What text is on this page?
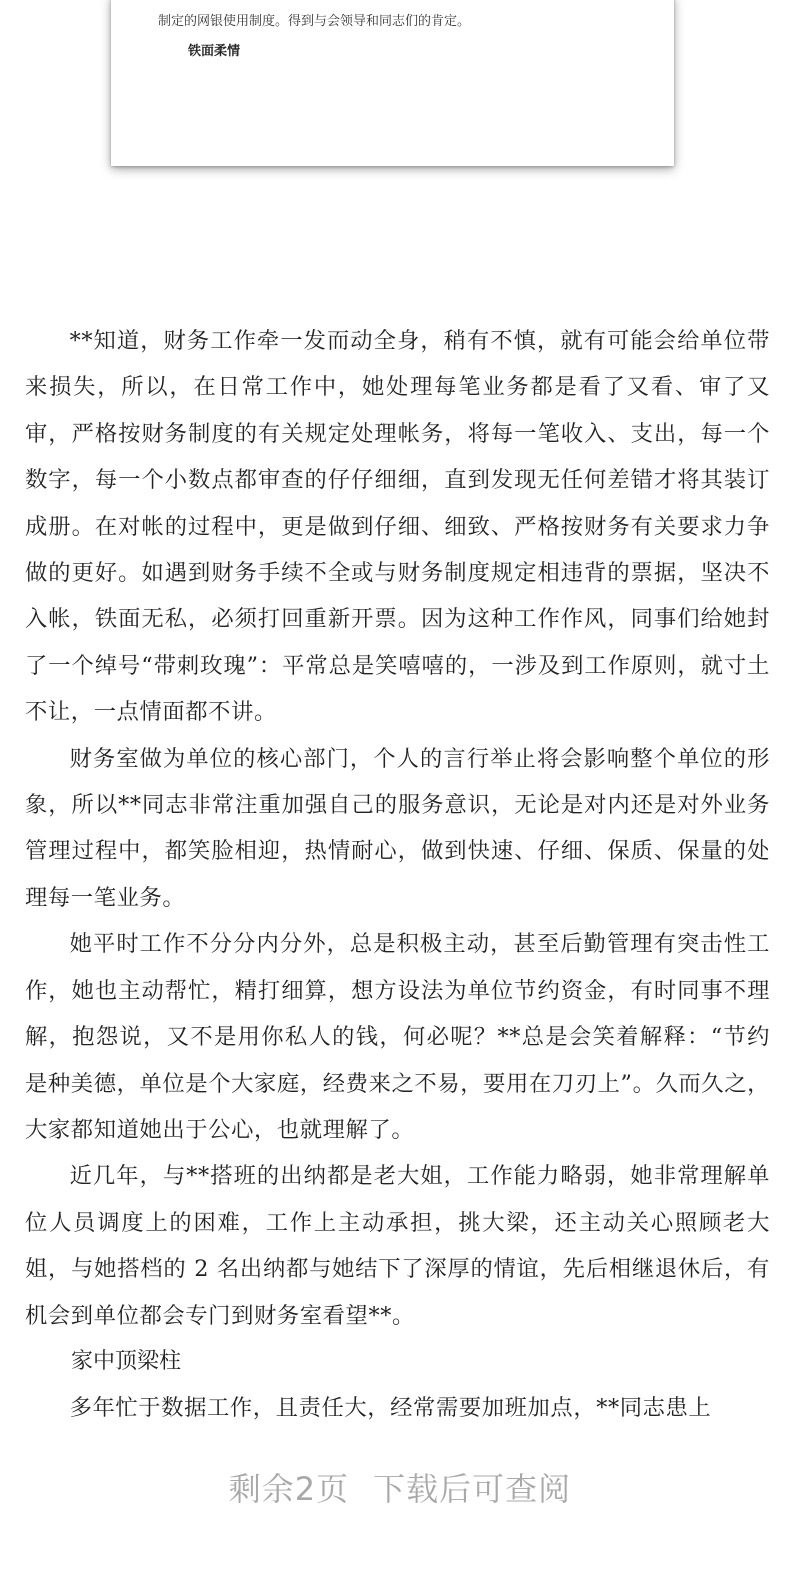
制定的网银使用制度。得到与会领导和同志们的肯定。
铁面柔情

**知道，财务工作牵一发而动全身，稍有不慎，就有可能会给单位带来损失，所以，在日常工作中，她处理每笔业务都是看了又看、审了又审，严格按财务制度的有关规定处理帐务，将每一笔收入、支出，每一个数字，每一个小数点都审查的仔仔细细，直到发现无任何差错才将其装订成册。在对帐的过程中，更是做到仔细、细致、严格按财务有关要求力争做的更好。如遇到财务手续不全或与财务制度规定相违背的票据，坚决不入帐，铁面无私，必须打回重新开票。因为这种工作作风，同事们给她封了一个绰号“带刺玫瑰”：平常总是笑嘻嘻的，一涉及到工作原则，就寸土不让，一点情面都不讲。

财务室做为单位的核心部门，个人的言行举止将会影响整个单位的形象，所以**同志非常注重加强自己的服务意识，无论是对内还是对外业务管理过程中，都笑脸相迎，热情耐心，做到快速、仔细、保质、保量的处理每一笔业务。

她平时工作不分分内分外，总是积极主动，甚至后勤管理有突击性工作，她也主动帮忙，精打细算，想方设法为单位节约资金，有时同事不理解，抱怨说，又不是用你私人的钱，何必呢？**总是会笑着解释：“节约是种美德，单位是个大家庭，经费来之不易，要用在刀刃上”。久而久之，大家都知道她出于公心，也就理解了。

近几年，与**搭班的出纳都是老大姐，工作能力略弱，她非常理解单位人员调度上的困难，工作上主动承担，挑大梁，还主动关心照顾老大姐，与她搭档的 2 名出纳都与她结下了深厚的情谊，先后相继退休后，有机会到单位都会专门到财务室看望**。

家中顶梁柱

多年忙于数据工作，且责任大，经常需要加班加点，**同志患上

剩余2页 下载后可查阅
